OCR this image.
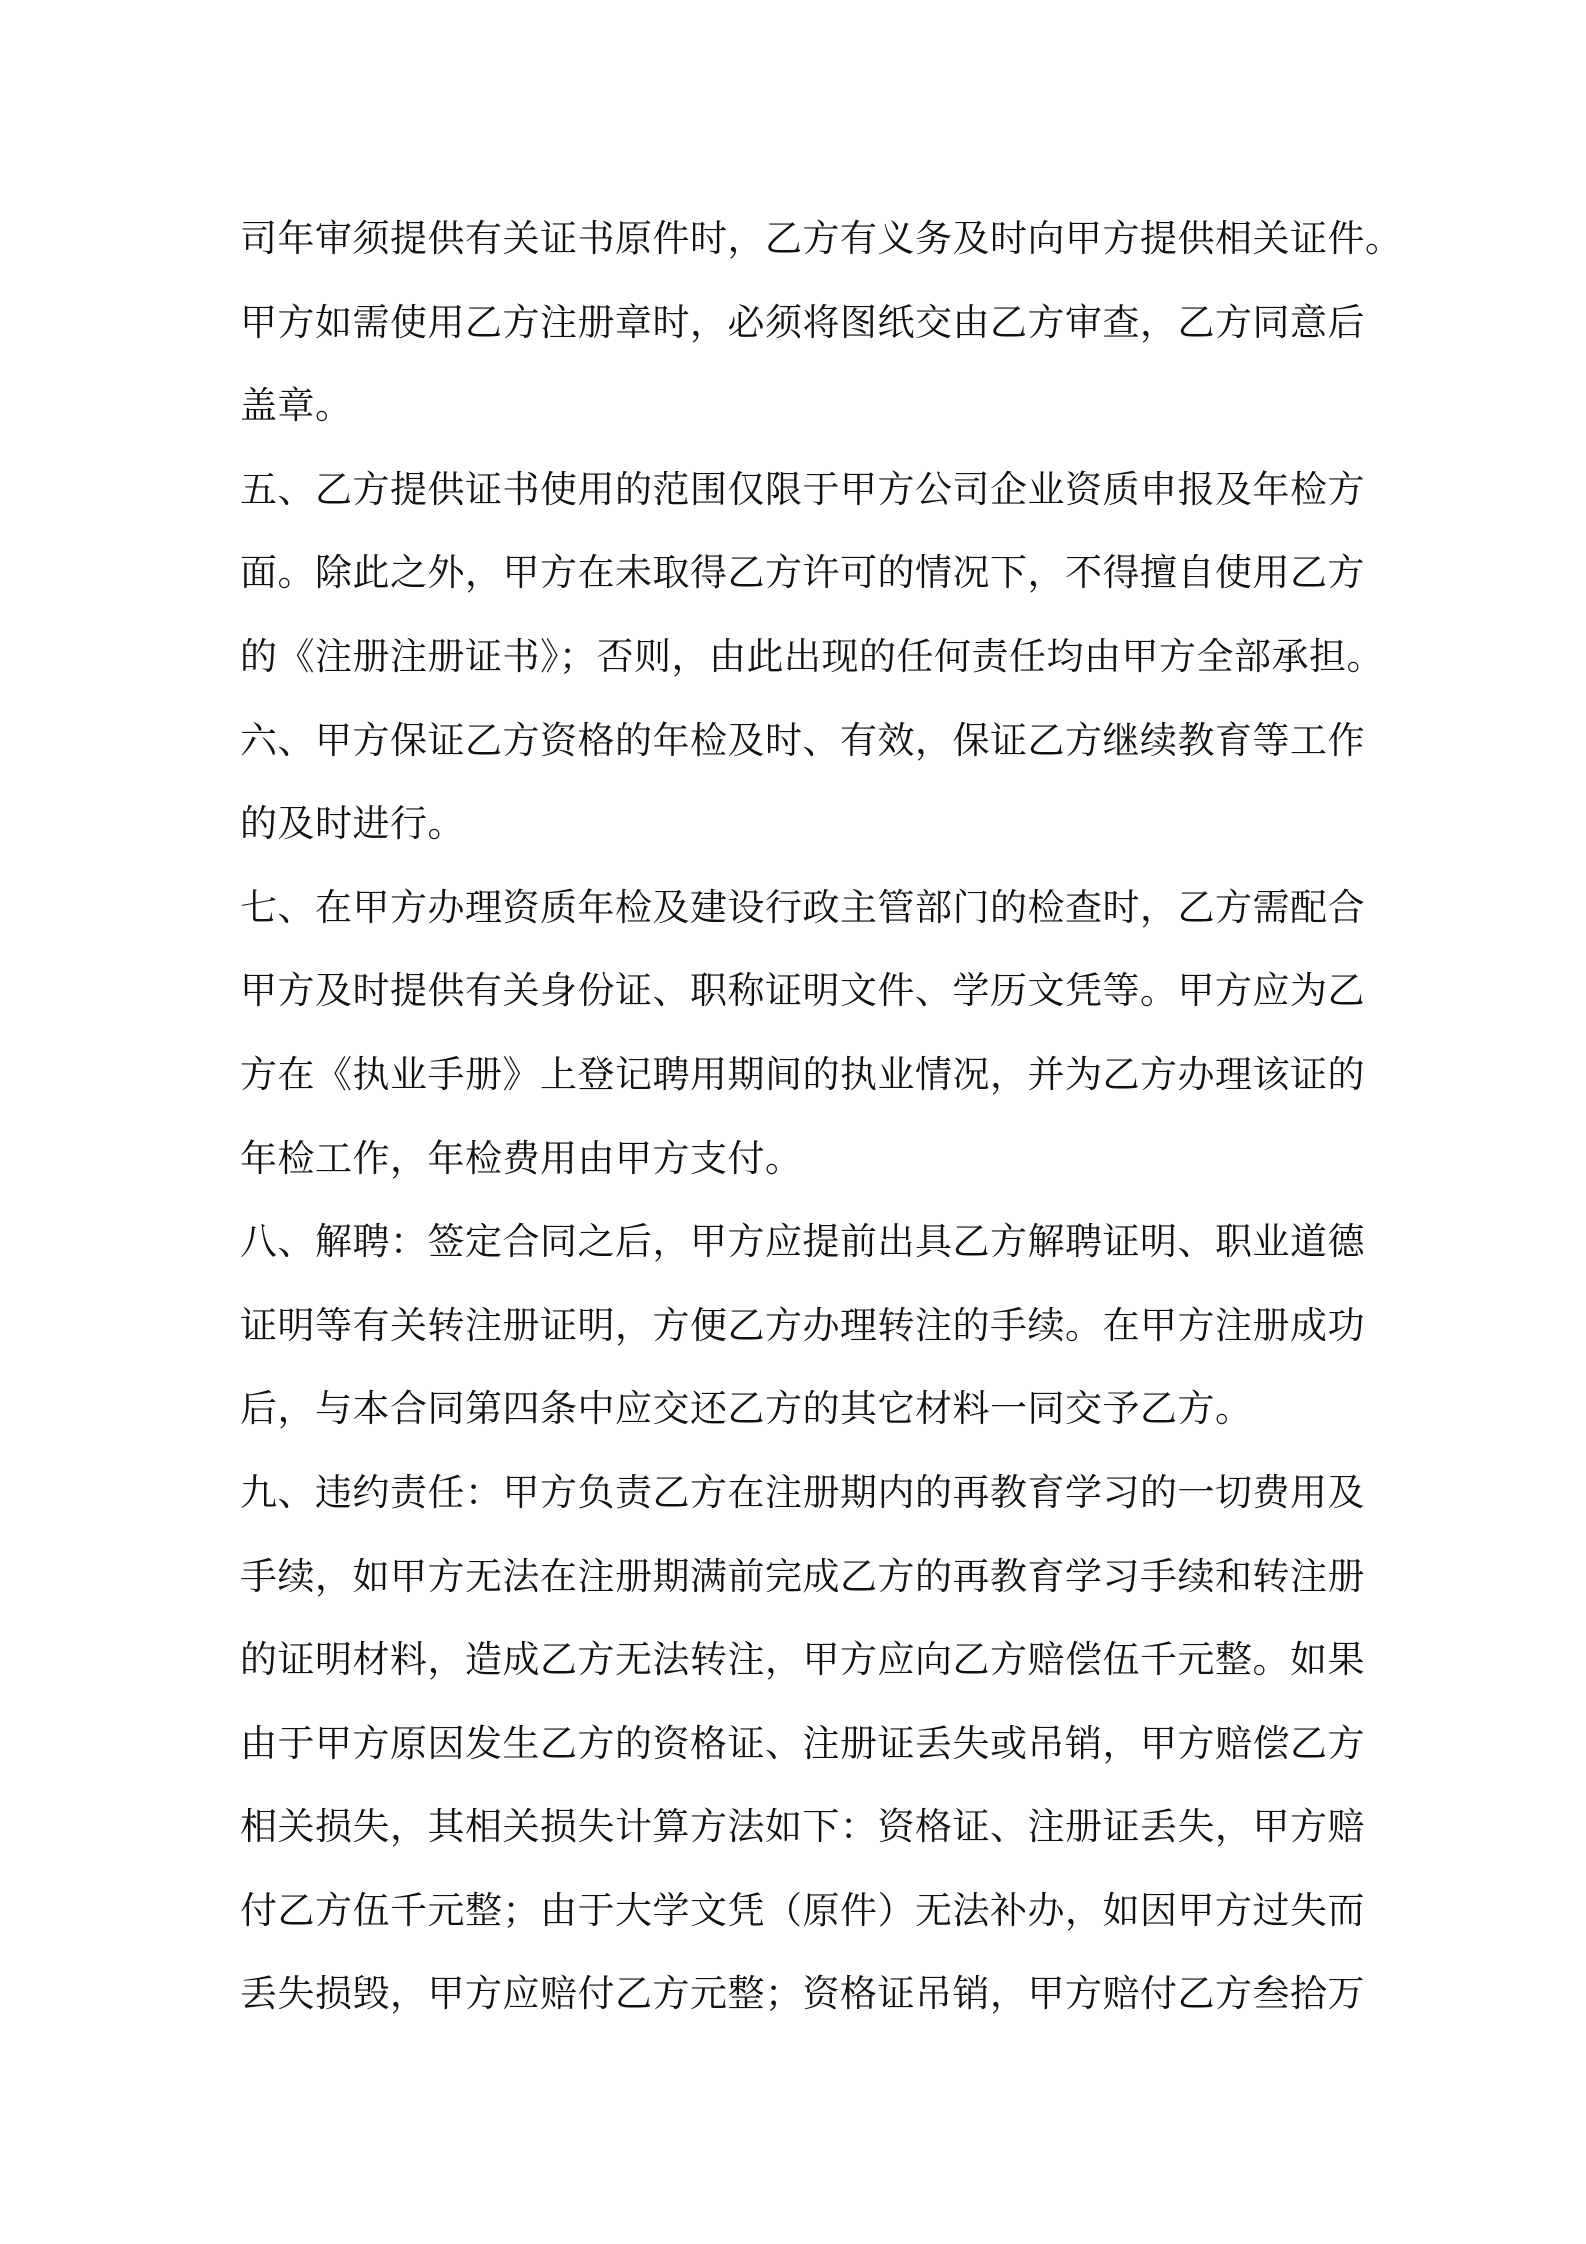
司年审须提供有关证书原件时，乙方有义务及时向甲方提供相关证件。
甲方如需使用乙方注册章时，必须将图纸交由乙方审查，乙方同意后
盖章。
五、乙方提供证书使用的范围仅限于甲方公司企业资质申报及年检方
面。除此之外，甲方在未取得乙方许可的情况下，不得擅自使用乙方
的《注册注册证书》；否则，由此出现的任何责任均由甲方全部承担。
六、甲方保证乙方资格的年检及时、有效，保证乙方继续教育等工作
的及时进行。
七、在甲方办理资质年检及建设行政主管部门的检查时，乙方需配合
甲方及时提供有关身份证、职称证明文件、学历文凭等。甲方应为乙
方在《执业手册》上登记聘用期间的执业情况，并为乙方办理该证的
年检工作，年检费用由甲方支付。
八、解聘：签定合同之后，甲方应提前出具乙方解聘证明、职业道德
证明等有关转注册证明，方便乙方办理转注的手续。在甲方注册成功
后，与本合同第四条中应交还乙方的其它材料一同交予乙方。
九、违约责任：甲方负责乙方在注册期内的再教育学习的一切费用及
手续，如甲方无法在注册期满前完成乙方的再教育学习手续和转注册
的证明材料，造成乙方无法转注，甲方应向乙方赔偿伍千元整。如果
由于甲方原因发生乙方的资格证、注册证丢失或吊销，甲方赔偿乙方
相关损失，其相关损失计算方法如下：资格证、注册证丢失，甲方赔
付乙方伍千元整；由于大学文凭（原件）无法补办，如因甲方过失而
丢失损毁，甲方应赔付乙方元整；资格证吊销，甲方赔付乙方叁拾万
